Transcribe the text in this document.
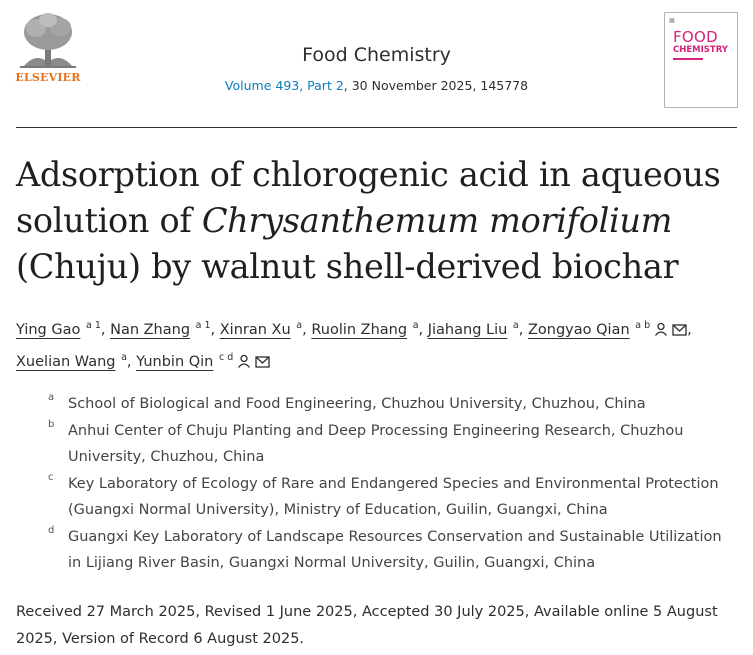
ELSEVIER
Food Chemistry
Volume 493, Part 2, 30 November 2025, 145778
▦
FOOD
CHEMISTRY
Adsorption of chlorogenic acid in aqueous solution of Chrysanthemum morifolium (Chuju) by walnut shell-derived biochar
Ying Gao $^{a 1}$, Nan Zhang $^{a 1}$, Xinran Xu $^a$, Ruolin Zhang $^a$, Jiahang Liu $^a$, Zongyao Qian $^{a b}$	,
Xuelian Wang $^a$, Yunbin Qin $^{c d}$
a School of Biological and Food Engineering, Chuzhou University, Chuzhou, China
b Anhui Center of Chuju Planting and Deep Processing Engineering Research, Chuzhou University, Chuzhou, China
c Key Laboratory of Ecology of Rare and Endangered Species and Environmental Protection (Guangxi Normal University), Ministry of Education, Guilin, Guangxi, China
d Guangxi Key Laboratory of Landscape Resources Conservation and Sustainable Utilization in Lijiang River Basin, Guangxi Normal University, Guilin, Guangxi, China
Received 27 March 2025, Revised 1 June 2025, Accepted 30 July 2025, Available online 5 August 2025, Version of Record 6 August 2025.
